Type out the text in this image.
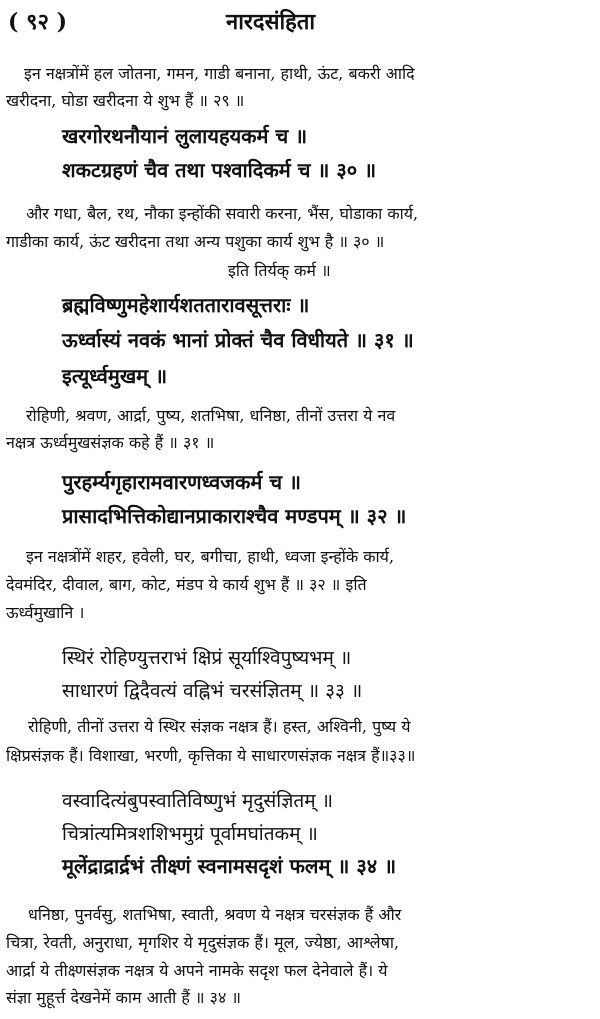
( ९२ )	नारदसंहिता
इन नक्षत्रोंमें हल जोतना, गमन, गाडी बनाना, हाथी, ऊंट, बकरी आदि
खरीदना, घोडा खरीदना ये शुभ हैं ॥ २९ ॥
खरगोरथनौयानं लुलायहयकर्म च ॥
शकटग्रहणं चैव तथा पश्वादिकर्म च ॥ ३० ॥
और गधा, बैल, रथ, नौका इन्होंकी सवारी करना, भैंस, घोडाका कार्य,
गाडीका कार्य, ऊंट खरीदना तथा अन्य पशुका कार्य शुभ है ॥ ३० ॥
इति तिर्यक् कर्म ॥
ब्रह्मविष्णुमहेशार्यशततारावसूत्तराः ॥
ऊर्ध्वास्यं नवकं भानां प्रोक्तं चैव विधीयते ॥ ३१ ॥
इत्यूर्ध्वमुखम् ॥
रोहिणी, श्रवण, आर्द्रा, पुष्य, शतभिषा, धनिष्ठा, तीनों उत्तरा ये नव
नक्षत्र ऊर्ध्वमुखसंज्ञक कहे हैं ॥ ३१ ॥
पुरहर्म्यगृहारामवारणध्वजकर्म च ॥
प्रासादभित्तिकोद्यानप्राकाराश्चैव मण्डपम् ॥ ३२ ॥
इन नक्षत्रोंमें शहर, हवेली, घर, बगीचा, हाथी, ध्वजा इन्होंके कार्य,
देवमंदिर, दीवाल, बाग, कोट, मंडप ये कार्य शुभ हैं ॥ ३२ ॥ इति
ऊर्ध्वमुखानि ।
स्थिरं रोहिण्युत्तराभं क्षिप्रं सूर्याश्विपुष्यभम् ॥
साधारणं द्विदैवत्यं वह्निभं चरसंज्ञितम् ॥ ३३ ॥
रोहिणी, तीनों उत्तरा ये स्थिर संज्ञक नक्षत्र हैं। हस्त, अश्विनी, पुष्य ये
क्षिप्रसंज्ञक हैं। विशाखा, भरणी, कृत्तिका ये साधारणसंज्ञक नक्षत्र हैं॥३३॥
वस्वादित्यंबुपस्वातिविष्णुभं मृदुसंज्ञितम् ॥
चित्रांत्यमित्रशशिभमुग्रं पूर्वामघांतकम् ॥
मूलेंद्राद्रार्द्रभं तीक्ष्णं स्वनामसदृशं फलम् ॥ ३४ ॥
धनिष्ठा, पुनर्वसु, शतभिषा, स्वाती, श्रवण ये नक्षत्र चरसंज्ञक हैं और
चित्रा, रेवती, अनुराधा, मृगशिर ये मृदुसंज्ञक हैं। मूल, ज्येष्ठा, आश्लेषा,
आर्द्रा ये तीक्ष्णसंज्ञक नक्षत्र ये अपने नामके सदृश फल देनेवाले हैं। ये
संज्ञा मुहूर्त्त देखनेमें काम आती हैं ॥ ३४ ॥
